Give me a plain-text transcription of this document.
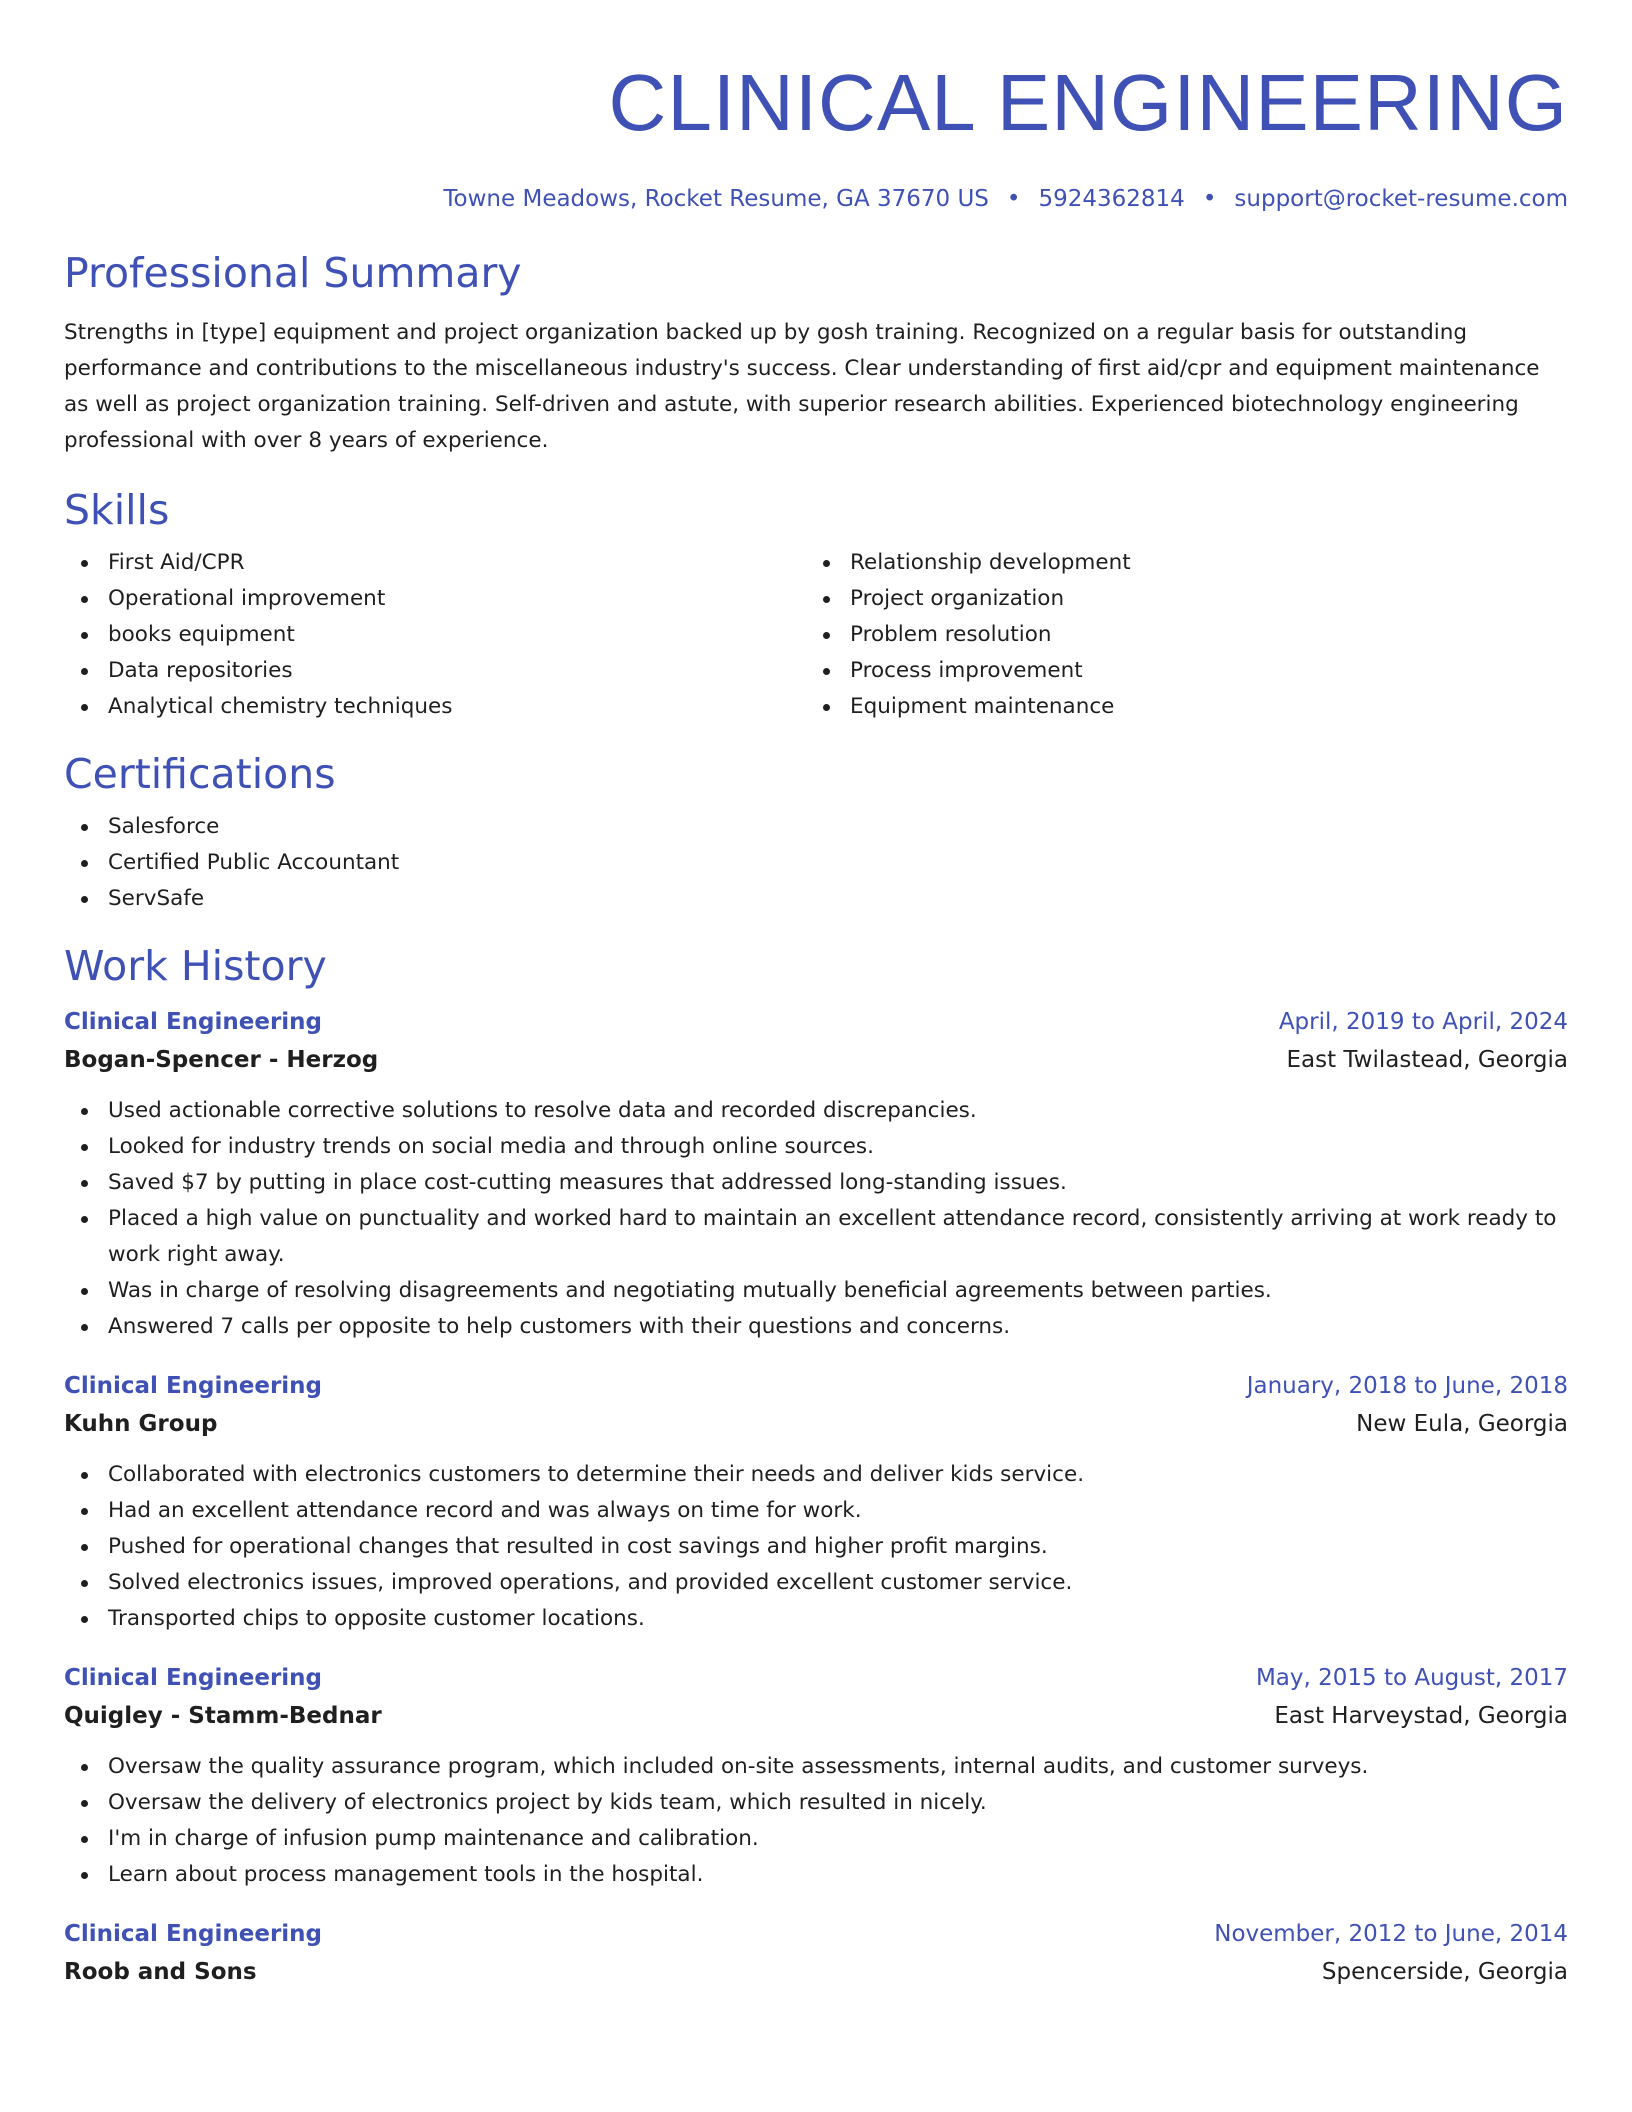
CLINICAL ENGINEERING
Towne Meadows, Rocket Resume, GA 37670 US • 5924362814 • support@rocket-resume.com
Professional Summary

Strengths in [type] equipment and project organization backed up by gosh training. Recognized on a regular basis for outstanding performance and contributions to the miscellaneous industry's success. Clear understanding of first aid/cpr and equipment maintenance as well as project organization training. Self-driven and astute, with superior research abilities. Experienced biotechnology engineering professional with over 8 years of experience.

Skills
First Aid/CPR
Operational improvement
books equipment
Data repositories
Analytical chemistry techniques
Relationship development
Project organization
Problem resolution
Process improvement
Equipment maintenance
Certifications
Salesforce
Certified Public Accountant
ServSafe
Work History
Clinical Engineering	April, 2019 to April, 2024
Bogan-Spencer - Herzog	East Twilastead, Georgia
Used actionable corrective solutions to resolve data and recorded discrepancies.
Looked for industry trends on social media and through online sources.
Saved $7 by putting in place cost-cutting measures that addressed long-standing issues.
Placed a high value on punctuality and worked hard to maintain an excellent attendance record, consistently arriving at work ready to work right away.
Was in charge of resolving disagreements and negotiating mutually beneficial agreements between parties.
Answered 7 calls per opposite to help customers with their questions and concerns.
Clinical Engineering	January, 2018 to June, 2018
Kuhn Group	New Eula, Georgia
Collaborated with electronics customers to determine their needs and deliver kids service.
Had an excellent attendance record and was always on time for work.
Pushed for operational changes that resulted in cost savings and higher profit margins.
Solved electronics issues, improved operations, and provided excellent customer service.
Transported chips to opposite customer locations.
Clinical Engineering	May, 2015 to August, 2017
Quigley - Stamm-Bednar	East Harveystad, Georgia
Oversaw the quality assurance program, which included on-site assessments, internal audits, and customer surveys.
Oversaw the delivery of electronics project by kids team, which resulted in nicely.
I'm in charge of infusion pump maintenance and calibration.
Learn about process management tools in the hospital.
Clinical Engineering	November, 2012 to June, 2014
Roob and Sons	Spencerside, Georgia
